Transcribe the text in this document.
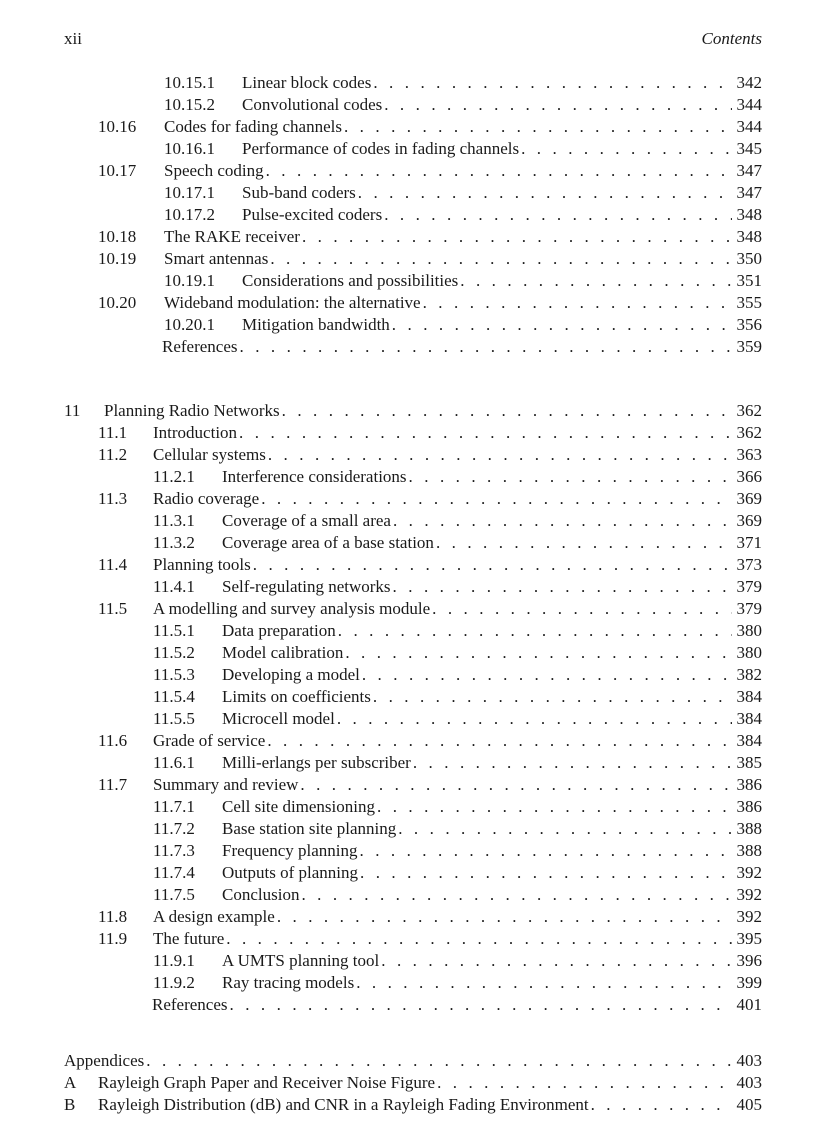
xii	Contents
10.15.1	Linear block codes . . .	342
10.15.2	Convolutional codes . . .	344
10.16	Codes for fading channels . . .	344
10.16.1	Performance of codes in fading channels . . .	345
10.17	Speech coding . . .	347
10.17.1	Sub-band coders . . .	347
10.17.2	Pulse-excited coders . . .	348
10.18	The RAKE receiver . . .	348
10.19	Smart antennas . . .	350
10.19.1	Considerations and possibilities . . .	351
10.20	Wideband modulation: the alternative . . .	355
10.20.1	Mitigation bandwidth . . .	356
References . . .	359
11	Planning Radio Networks . . .	362
11.1	Introduction . . .	362
11.2	Cellular systems . . .	363
11.2.1	Interference considerations . . .	366
11.3	Radio coverage . . .	369
11.3.1	Coverage of a small area . . .	369
11.3.2	Coverage area of a base station . . .	371
11.4	Planning tools . . .	373
11.4.1	Self-regulating networks . . .	379
11.5	A modelling and survey analysis module . . .	379
11.5.1	Data preparation . . .	380
11.5.2	Model calibration . . .	380
11.5.3	Developing a model . . .	382
11.5.4	Limits on coefficients . . .	384
11.5.5	Microcell model . . .	384
11.6	Grade of service . . .	384
11.6.1	Milli-erlangs per subscriber . . .	385
11.7	Summary and review . . .	386
11.7.1	Cell site dimensioning . . .	386
11.7.2	Base station site planning . . .	388
11.7.3	Frequency planning . . .	388
11.7.4	Outputs of planning . . .	392
11.7.5	Conclusion . . .	392
11.8	A design example . . .	392
11.9	The future . . .	395
11.9.1	A UMTS planning tool . . .	396
11.9.2	Ray tracing models . . .	399
References . . .	401
Appendices . . .	403
A	Rayleigh Graph Paper and Receiver Noise Figure . . .	403
B	Rayleigh Distribution (dB) and CNR in a Rayleigh Fading Environment . . .	405
